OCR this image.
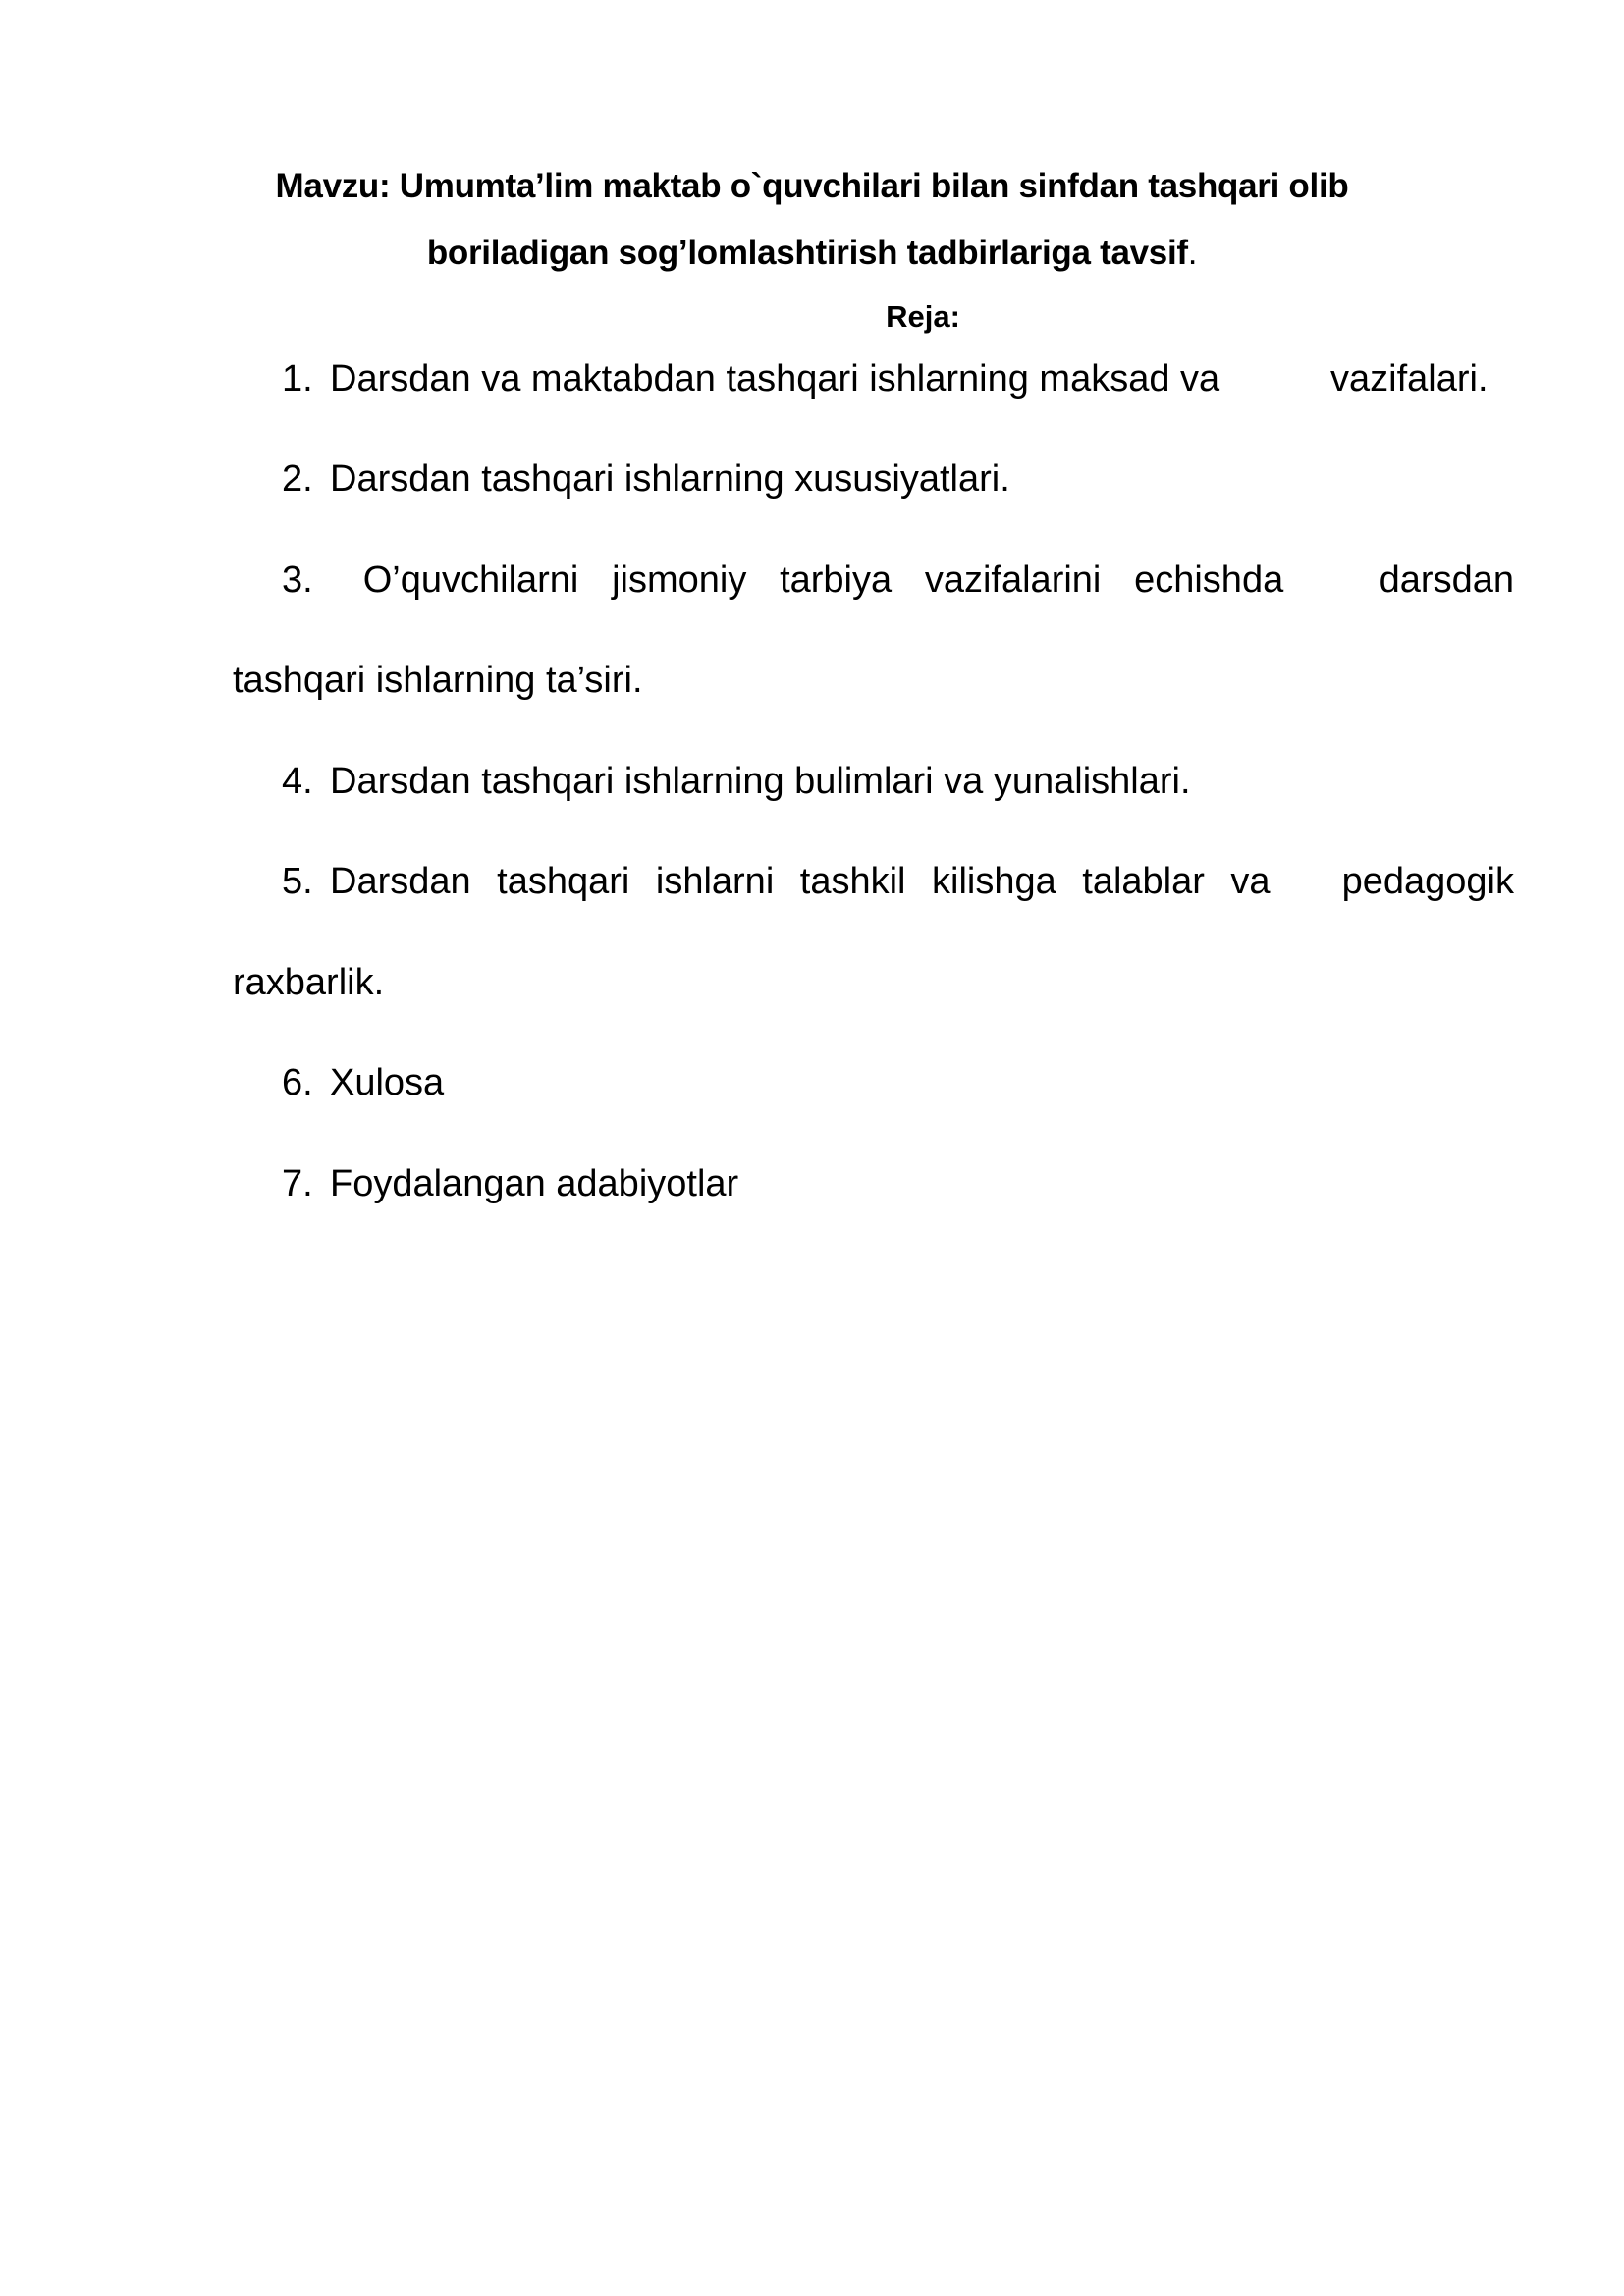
Mavzu: Umumta’lim maktab o`quvchilari bilan sinfdan tashqari olib
boriladigan sog’lomlashtirish tadbirlariga tavsif.
Reja:
1. Darsdan va maktabdan tashqari ishlarning maksad va	vazifalari.
2. Darsdan tashqari ishlarning xususiyatlari.
3. O’quvchilarni jismoniy tarbiya vazifalarini echishda	darsdan
tashqari ishlarning ta’siri.
4. Darsdan tashqari ishlarning bulimlari va yunalishlari.
5. Darsdan tashqari ishlarni tashkil kilishga talablar va pedagogik
raxbarlik.
6. Xulosa
7. Foydalangan adabiyotlar
